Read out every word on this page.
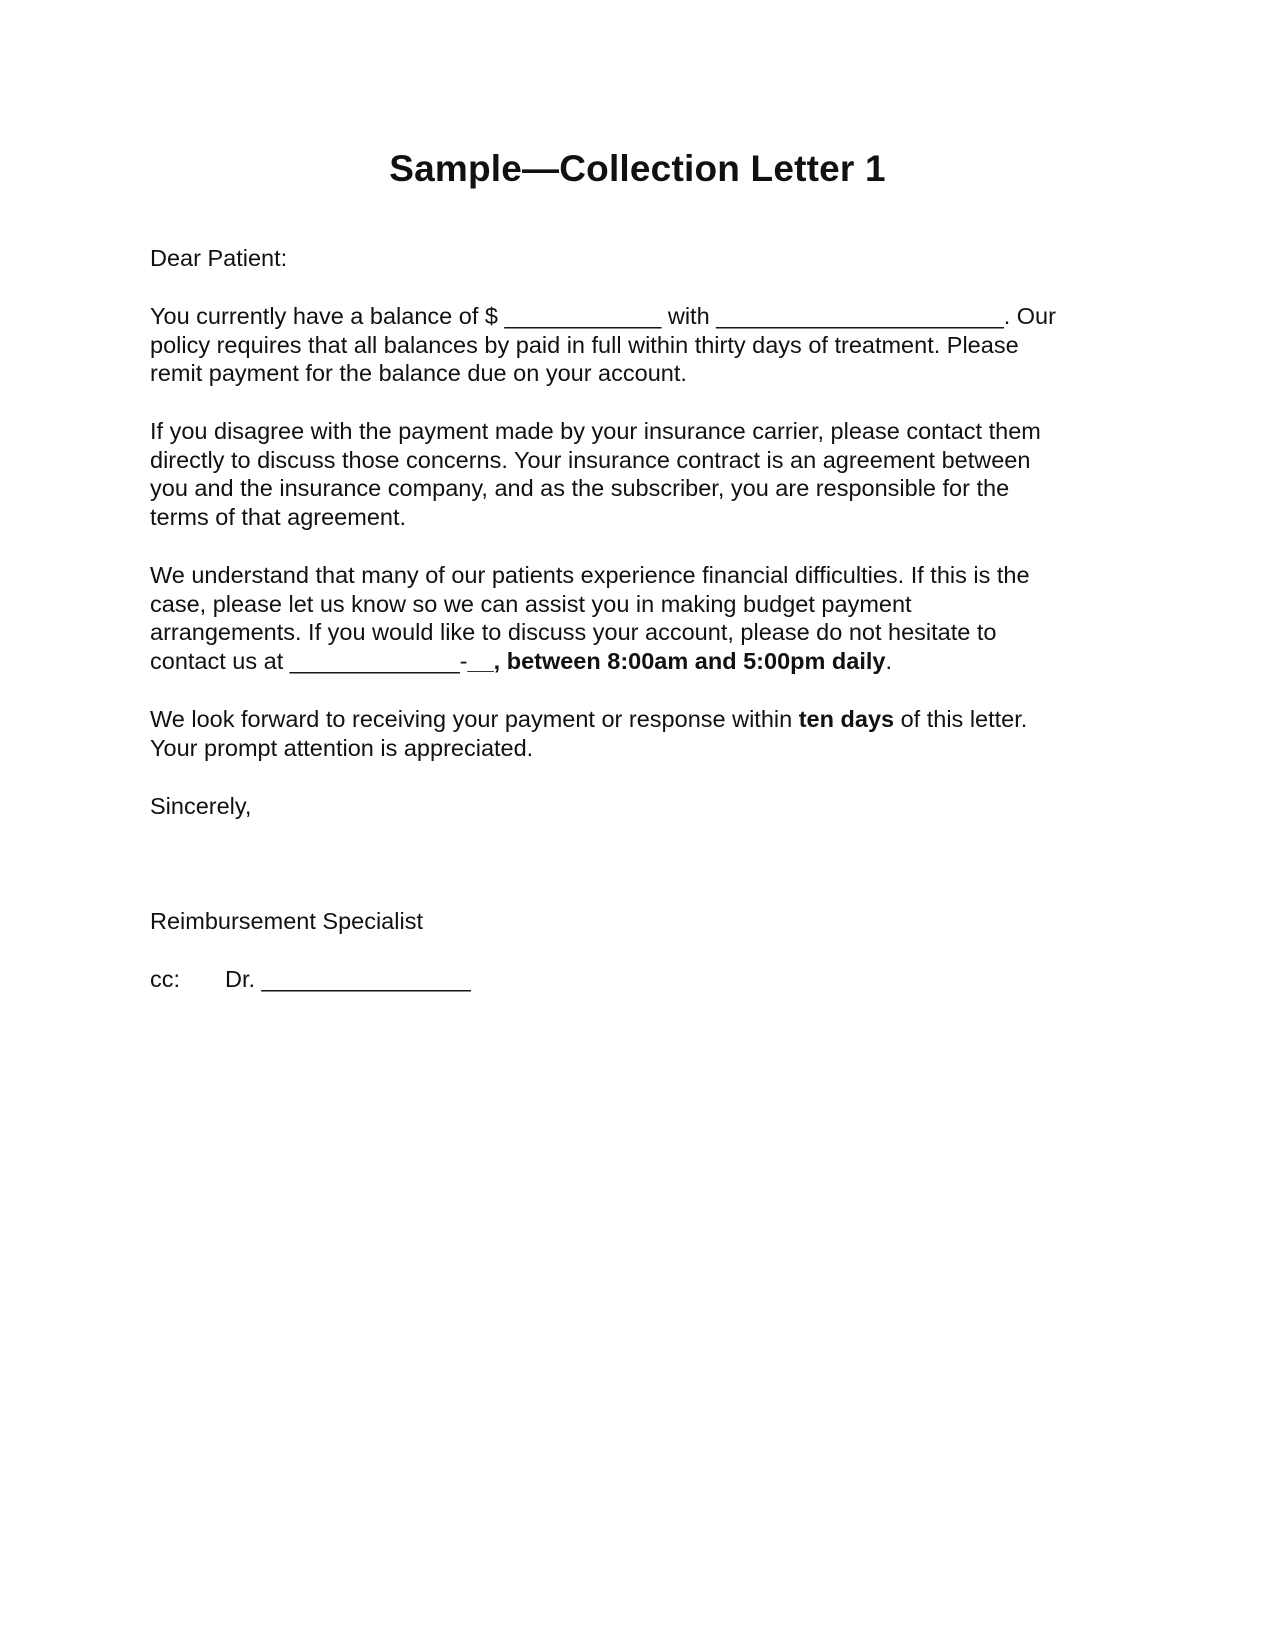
Sample—Collection Letter 1

Dear Patient:

You currently have a balance of $ ____________ with ______________________. Our

policy requires that all balances by paid in full within thirty days of treatment. Please

remit payment for the balance due on your account.

If you disagree with the payment made by your insurance carrier, please contact them

directly to discuss those concerns. Your insurance contract is an agreement between

you and the insurance company, and as the subscriber, you are responsible for the

terms of that agreement.

We understand that many of our patients experience financial difficulties. If this is the

case, please let us know so we can assist you in making budget payment

arrangements. If you would like to discuss your account, please do not hesitate to

contact us at _____________-__, between 8:00am and 5:00pm daily.

We look forward to receiving your payment or response within ten days of this letter.

Your prompt attention is appreciated.

Sincerely,

Reimbursement Specialist

cc:	Dr. ________________
